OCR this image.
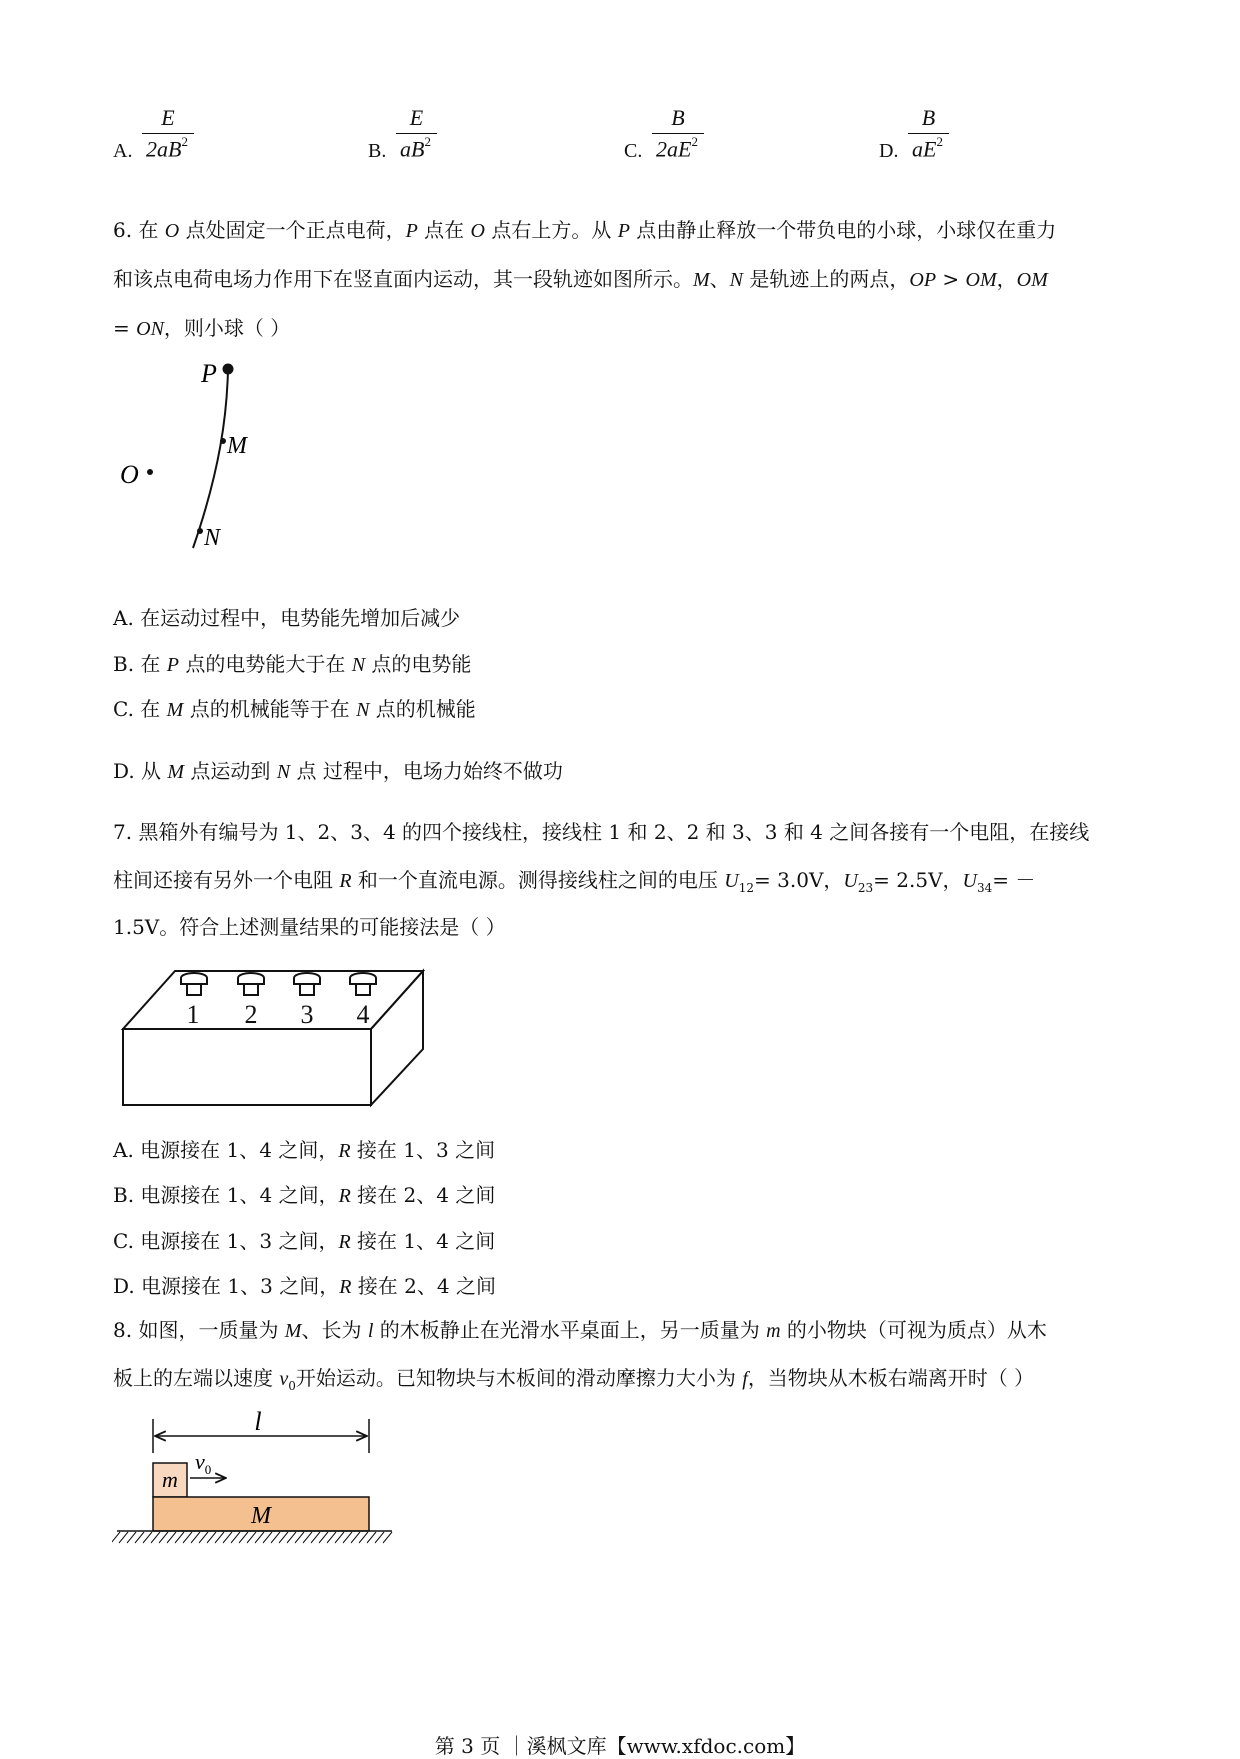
A.
E
$2aB^2$	B.
E
$aB^2$	C.
B
$2aE^2$	D.
B
$aE^2$
6. 在 O 点处固定一个正点电荷，P 点在 O 点右上方。从 P 点由静止释放一个带负电的小球，小球仅在重力
和该点电荷电场力作用下在竖直面内运动，其一段轨迹如图所示。M、N 是轨迹上的两点，OP > OM，OM
= ON，则小球（ ）
P
M
O
N
A. 在运动过程中，电势能先增加后减少
B. 在 P 点的电势能大于在 N 点的电势能
C. 在 M 点的机械能等于在 N 点的机械能
D. 从 M 点运动到 N 点 过程中，电场力始终不做功
7. 黑箱外有编号为 1、2、3、4 的四个接线柱，接线柱 1 和 2、2 和 3、3 和 4 之间各接有一个电阻，在接线
柱间还接有另外一个电阻 R 和一个直流电源。测得接线柱之间的电压 $U_{12}= 3.0V$，$U_{23}= 2.5V$，$U_{34}=$ －
1.5V。符合上述测量结果的可能接法是（ ）
1 2 3 4
A. 电源接在 1、4 之间，R 接在 1、3 之间
B. 电源接在 1、4 之间，R 接在 2、4 之间
C. 电源接在 1、3 之间，R 接在 1、4 之间
D. 电源接在 1、3 之间，R 接在 2、4 之间
8. 如图，一质量为 M、长为 l 的木板静止在光滑水平桌面上，另一质量为 m 的小物块（可视为质点）从木
板上的左端以速度 $v_0$开始运动。已知物块与木板间的滑动摩擦力大小为 f，当物块从木板右端离开时（ ）
l
m
$v_0$
M
第 3 页 ｜溪枫文库【www.xfdoc.com】
